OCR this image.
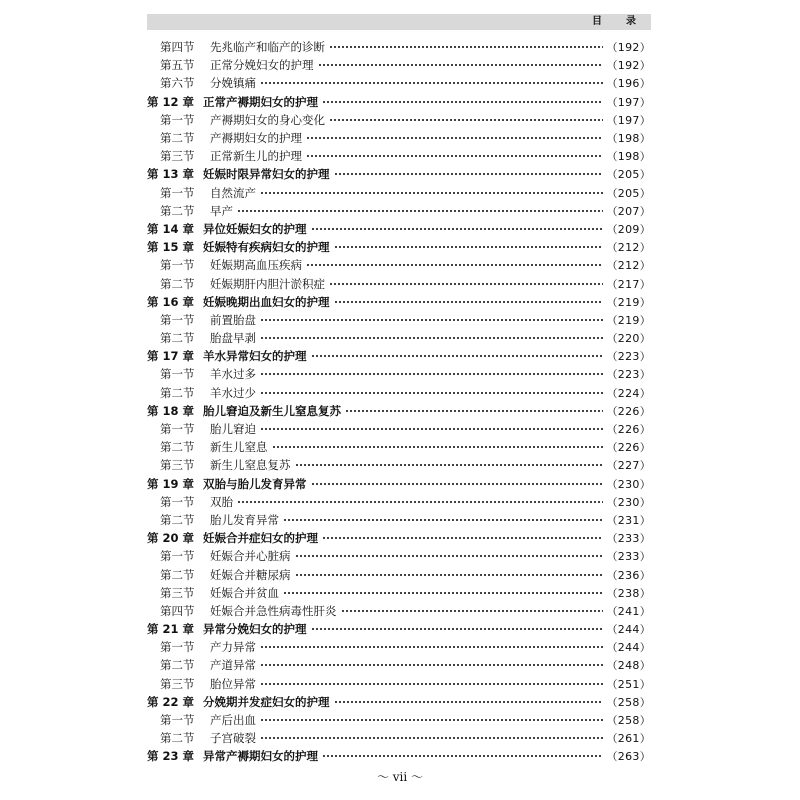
目　录
第四节	先兆临产和临产的诊断	（192）
第五节	正常分娩妇女的护理	（192）
第六节	分娩镇痛	（196）
第 12 章 正常产褥期妇女的护理	（197）
第一节	产褥期妇女的身心变化	（197）
第二节	产褥期妇女的护理	（198）
第三节	正常新生儿的护理	（198）
第 13 章 妊娠时限异常妇女的护理	（205）
第一节	自然流产	（205）
第二节	早产	（207）
第 14 章 异位妊娠妇女的护理	（209）
第 15 章 妊娠特有疾病妇女的护理	（212）
第一节	妊娠期高血压疾病	（212）
第二节	妊娠期肝内胆汁淤积症	（217）
第 16 章 妊娠晚期出血妇女的护理	（219）
第一节	前置胎盘	（219）
第二节	胎盘早剥	（220）
第 17 章 羊水异常妇女的护理	（223）
第一节	羊水过多	（223）
第二节	羊水过少	（224）
第 18 章 胎儿窘迫及新生儿窒息复苏	（226）
第一节	胎儿窘迫	（226）
第二节	新生儿窒息	（226）
第三节	新生儿窒息复苏	（227）
第 19 章 双胎与胎儿发育异常	（230）
第一节	双胎	（230）
第二节	胎儿发育异常	（231）
第 20 章 妊娠合并症妇女的护理	（233）
第一节	妊娠合并心脏病	（233）
第二节	妊娠合并糖尿病	（236）
第三节	妊娠合并贫血	（238）
第四节	妊娠合并急性病毒性肝炎	（241）
第 21 章 异常分娩妇女的护理	（244）
第一节	产力异常	（244）
第二节	产道异常	（248）
第三节	胎位异常	（251）
第 22 章 分娩期并发症妇女的护理	（258）
第一节	产后出血	（258）
第二节	子宫破裂	（261）
第 23 章 异常产褥期妇女的护理	（263）
～ vii ～
